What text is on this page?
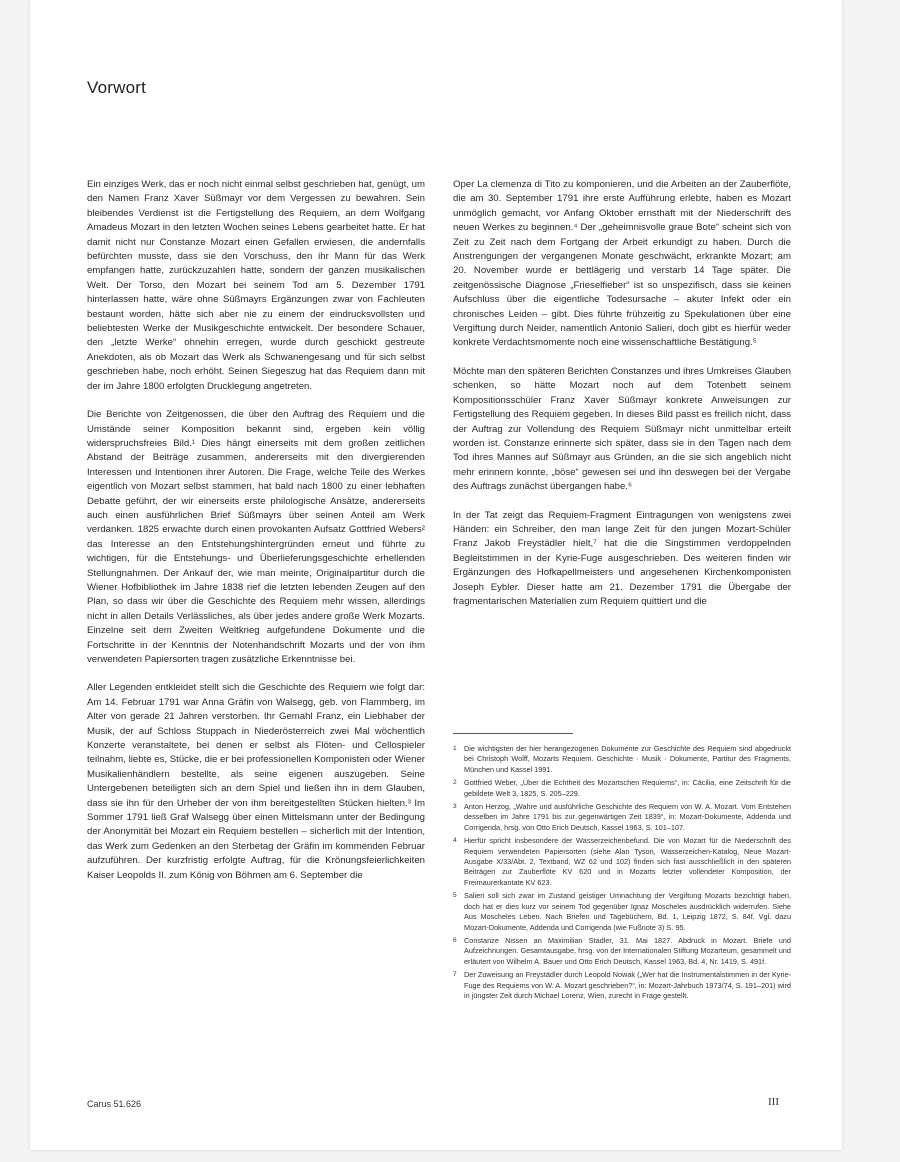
Vorwort

Ein einziges Werk, das er noch nicht einmal selbst geschrieben hat, genügt, um den Namen Franz Xaver Süßmayr vor dem Vergessen zu bewahren. Sein bleibendes Verdienst ist die Fertigstellung des Requiem, an dem Wolfgang Amadeus Mozart in den letzten Wochen seines Lebens gearbeitet hatte. Er hat damit nicht nur Constanze Mozart einen Gefallen erwiesen, die andernfalls befürchten musste, dass sie den Vorschuss, den ihr Mann für das Werk empfangen hatte, zurückzuzahlen hatte, sondern der ganzen musikalischen Welt. Der Torso, den Mozart bei seinem Tod am 5. Dezember 1791 hinterlassen hatte, wäre ohne Süßmayrs Ergänzungen zwar von Fachleuten bestaunt worden, hätte sich aber nie zu einem der eindrucksvollsten und beliebtesten Werke der Musikgeschichte entwickelt. Der besondere Schauer, den „letzte Werke“ ohnehin erregen, wurde durch geschickt gestreute Anekdoten, als ob Mozart das Werk als Schwanengesang und für sich selbst geschrieben habe, noch erhöht. Seinen Siegeszug hat das Requiem dann mit der im Jahre 1800 erfolgten Drucklegung angetreten.

Die Berichte von Zeitgenossen, die über den Auftrag des Requiem und die Umstände seiner Komposition bekannt sind, ergeben kein völlig widerspruchsfreies Bild.¹ Dies hängt einerseits mit dem großen zeitlichen Abstand der Beiträge zusammen, andererseits mit den divergierenden Interessen und Intentionen ihrer Autoren. Die Frage, welche Teile des Werkes eigentlich von Mozart selbst stammen, hat bald nach 1800 zu einer lebhaften Debatte geführt, der wir einerseits erste philologische Ansätze, andererseits auch einen ausführlichen Brief Süßmayrs über seinen Anteil am Werk verdanken. 1825 erwachte durch einen provokanten Aufsatz Gottfried Webers² das Interesse an den Entstehungshintergründen erneut und führte zu wichtigen, für die Entstehungs- und Überlieferungsgeschichte erhellenden Stellungnahmen. Der Ankauf der, wie man meinte, Originalpartitur durch die Wiener Hofbibliothek im Jahre 1838 rief die letzten lebenden Zeugen auf den Plan, so dass wir über die Geschichte des Requiem mehr wissen, allerdings nicht in allen Details Verlässliches, als über jedes andere große Werk Mozarts. Einzelne seit dem Zweiten Weltkrieg aufgefundene Dokumente und die Fortschritte in der Kenntnis der Notenhandschrift Mozarts und der von ihm verwendeten Papiersorten tragen zusätzliche Erkenntnisse bei.

Aller Legenden entkleidet stellt sich die Geschichte des Requiem wie folgt dar: Am 14. Februar 1791 war Anna Gräfin von Walsegg, geb. von Flammberg, im Alter von gerade 21 Jahren verstorben. Ihr Gemahl Franz, ein Liebhaber der Musik, der auf Schloss Stuppach in Niederösterreich zwei Mal wöchentlich Konzerte veranstaltete, bei denen er selbst als Flöten- und Cellospieler teilnahm, liebte es, Stücke, die er bei professionellen Komponisten oder Wiener Musikalienhändlern bestellte, als seine eigenen auszugeben. Seine Untergebenen beteiligten sich an dem Spiel und ließen ihn in dem Glauben, dass sie ihn für den Urheber der von ihm bereitgestellten Stücken hielten.³ Im Sommer 1791 ließ Graf Walsegg über einen Mittelsmann unter der Bedingung der Anonymität bei Mozart ein Requiem bestellen – sicherlich mit der Intention, das Werk zum Gedenken an den Sterbetag der Gräfin im kommenden Februar aufzuführen. Der kurzfristig erfolgte Auftrag, für die Krönungsfeierlichkeiten Kaiser Leopolds II. zum König von Böhmen am 6. September die

Oper La clemenza di Tito zu komponieren, und die Arbeiten an der Zauberflöte, die am 30. September 1791 ihre erste Aufführung erlebte, haben es Mozart unmöglich gemacht, vor Anfang Oktober ernsthaft mit der Niederschrift des neuen Werkes zu beginnen.⁴ Der „geheimnisvolle graue Bote“ scheint sich von Zeit zu Zeit nach dem Fortgang der Arbeit erkundigt zu haben. Durch die Anstrengungen der vergangenen Monate geschwächt, erkrankte Mozart; am 20. November wurde er bettlägerig und verstarb 14 Tage später. Die zeitgenössische Diagnose „Frieselfieber“ ist so unspezifisch, dass sie keinen Aufschluss über die eigentliche Todesursache – akuter Infekt oder ein chronisches Leiden – gibt. Dies führte frühzeitig zu Spekulationen über eine Vergiftung durch Neider, namentlich Antonio Salieri, doch gibt es hierfür weder konkrete Verdachtsmomente noch eine wissenschaftliche Bestätigung.⁵

Möchte man den späteren Berichten Constanzes und ihres Umkreises Glauben schenken, so hätte Mozart noch auf dem Totenbett seinem Kompositionsschüler Franz Xaver Süßmayr konkrete Anweisungen zur Fertigstellung des Requiem gegeben. In dieses Bild passt es freilich nicht, dass der Auftrag zur Vollendung des Requiem Süßmayr nicht unmittelbar erteilt worden ist. Constanze erinnerte sich später, dass sie in den Tagen nach dem Tod ihres Mannes auf Süßmayr aus Gründen, an die sie sich angeblich nicht mehr erinnern konnte, „böse“ gewesen sei und ihn deswegen bei der Vergabe des Auftrags zunächst übergangen habe.⁶

In der Tat zeigt das Requiem-Fragment Eintragungen von wenigstens zwei Händen: ein Schreiber, den man lange Zeit für den jungen Mozart-Schüler Franz Jakob Freystädler hielt,⁷ hat die die Singstimmen verdoppelnden Begleitstimmen in der Kyrie-Fuge ausgeschrieben. Des weiteren finden wir Ergänzungen des Hofkapellmeisters und angesehenen Kirchenkomponisten Joseph Eybler. Dieser hatte am 21. Dezember 1791 die Übergabe der fragmentarischen Materialien zum Requiem quittiert und die

1 Die wichtigsten der hier herangezogenen Dokumente zur Geschichte des Requiem sind abgedruckt bei Christoph Wolff, Mozarts Requiem. Geschichte · Musik · Dokumente, Partitur des Fragments, München und Kassel 1991.
2 Gottfried Weber, „Über die Echtheit des Mozartschen Requiems“, in: Cäcilia, eine Zeitschrift für die gebildete Welt 3, 1825, S. 205–229.
3 Anton Herzog, „Wahre und ausführliche Geschichte des Requiem von W. A. Mozart. Vom Entstehen desselben im Jahre 1791 bis zur gegenwärtigen Zeit 1839“, in: Mozart-Dokumente, Addenda und Corrigenda, hrsg. von Otto Erich Deutsch, Kassel 1963, S. 101–107.
4 Hierfür spricht insbesondere der Wasserzeichenbefund. Die von Mozart für die Niederschrift des Requiem verwendeten Papiersorten (siehe Alan Tyson, Wasserzeichen-Katalog, Neue Mozart-Ausgabe X/33/Abt. 2, Textband, WZ 62 und 102) finden sich fast ausschließlich in den späteren Beiträgen zur Zauberflöte KV 620 und in Mozarts letzter vollendeter Komposition, der Freimaurerkantate KV 623.
5 Salieri soll sich zwar im Zustand geistiger Umnachtung der Vergiftung Mozarts bezichtigt haben, doch hat er dies kurz vor seinem Tod gegenüber Ignaz Moscheles ausdrücklich widerrufen. Siehe Aus Moscheles Leben. Nach Briefen und Tagebüchern, Bd. 1, Leipzig 1872, S. 84f. Vgl. dazu Mozart-Dokumente, Addenda und Corrigenda (wie Fußnote 3) S. 95.
6 Constanze Nissen an Maximilian Stadler, 31. Mai 1827. Abdruck in Mozart. Briefe und Aufzeichnungen. Gesamtausgabe, hrsg. von der Internationalen Stiftung Mozarteum, gesammelt und erläutert von Wilhelm A. Bauer und Otto Erich Deutsch, Kassel 1963, Bd. 4, Nr. 1419, S. 491f.
7 Der Zuweisung an Freystädler durch Leopold Nowak („Wer hat die Instrumentalstimmen in der Kyrie-Fuge des Requiems von W. A. Mozart geschrieben?“, in: Mozart-Jahrbuch 1973/74, S. 191–201) wird in jüngster Zeit durch Michael Lorenz, Wien, zurecht in Frage gestellt.
Carus 51.626	III
